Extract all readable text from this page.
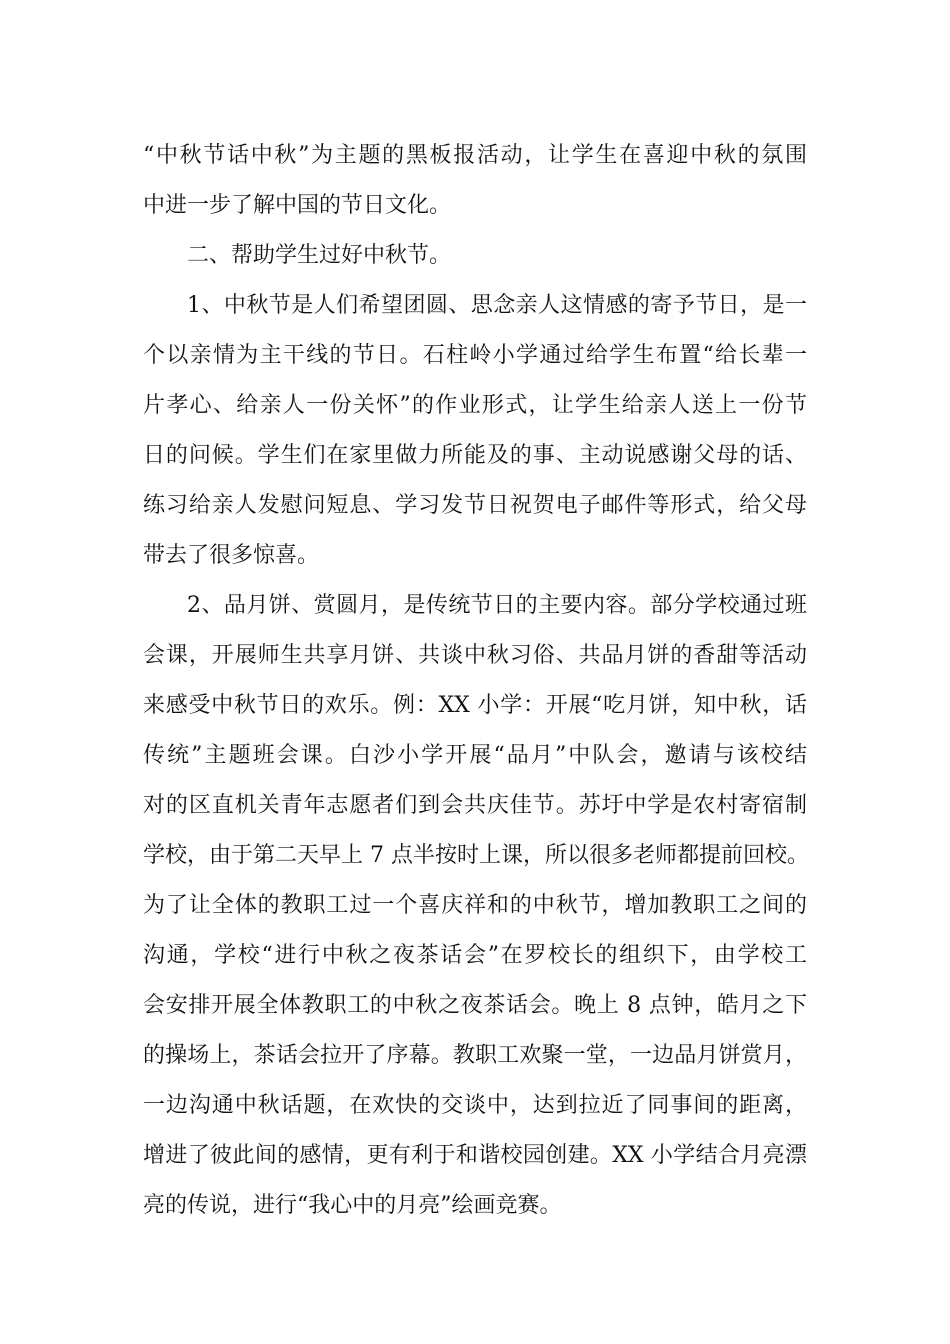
“中秋节话中秋”为主题的黑板报活动，让学生在喜迎中秋的氛围
中进一步了解中国的节日文化。
二、帮助学生过好中秋节。
1、中秋节是人们希望团圆、思念亲人这情感的寄予节日，是一
个以亲情为主干线的节日。石柱岭小学通过给学生布置“给长辈一
片孝心、给亲人一份关怀”的作业形式，让学生给亲人送上一份节
日的问候。学生们在家里做力所能及的事、主动说感谢父母的话、
练习给亲人发慰问短息、学习发节日祝贺电子邮件等形式，给父母
带去了很多惊喜。
2、品月饼、赏圆月，是传统节日的主要内容。部分学校通过班
会课，开展师生共享月饼、共谈中秋习俗、共品月饼的香甜等活动
来感受中秋节日的欢乐。例：XX 小学：开展“吃月饼，知中秋，话
传统”主题班会课。白沙小学开展“品月”中队会，邀请与该校结
对的区直机关青年志愿者们到会共庆佳节。苏圩中学是农村寄宿制
学校，由于第二天早上 7 点半按时上课，所以很多老师都提前回校。
为了让全体的教职工过一个喜庆祥和的中秋节，增加教职工之间的
沟通，学校“进行中秋之夜茶话会”在罗校长的组织下，由学校工
会安排开展全体教职工的中秋之夜茶话会。晚上 8 点钟，皓月之下
的操场上，茶话会拉开了序幕。教职工欢聚一堂，一边品月饼赏月，
一边沟通中秋话题，在欢快的交谈中，达到拉近了同事间的距离，
增进了彼此间的感情，更有利于和谐校园创建。XX 小学结合月亮漂
亮的传说，进行“我心中的月亮”绘画竞赛。
